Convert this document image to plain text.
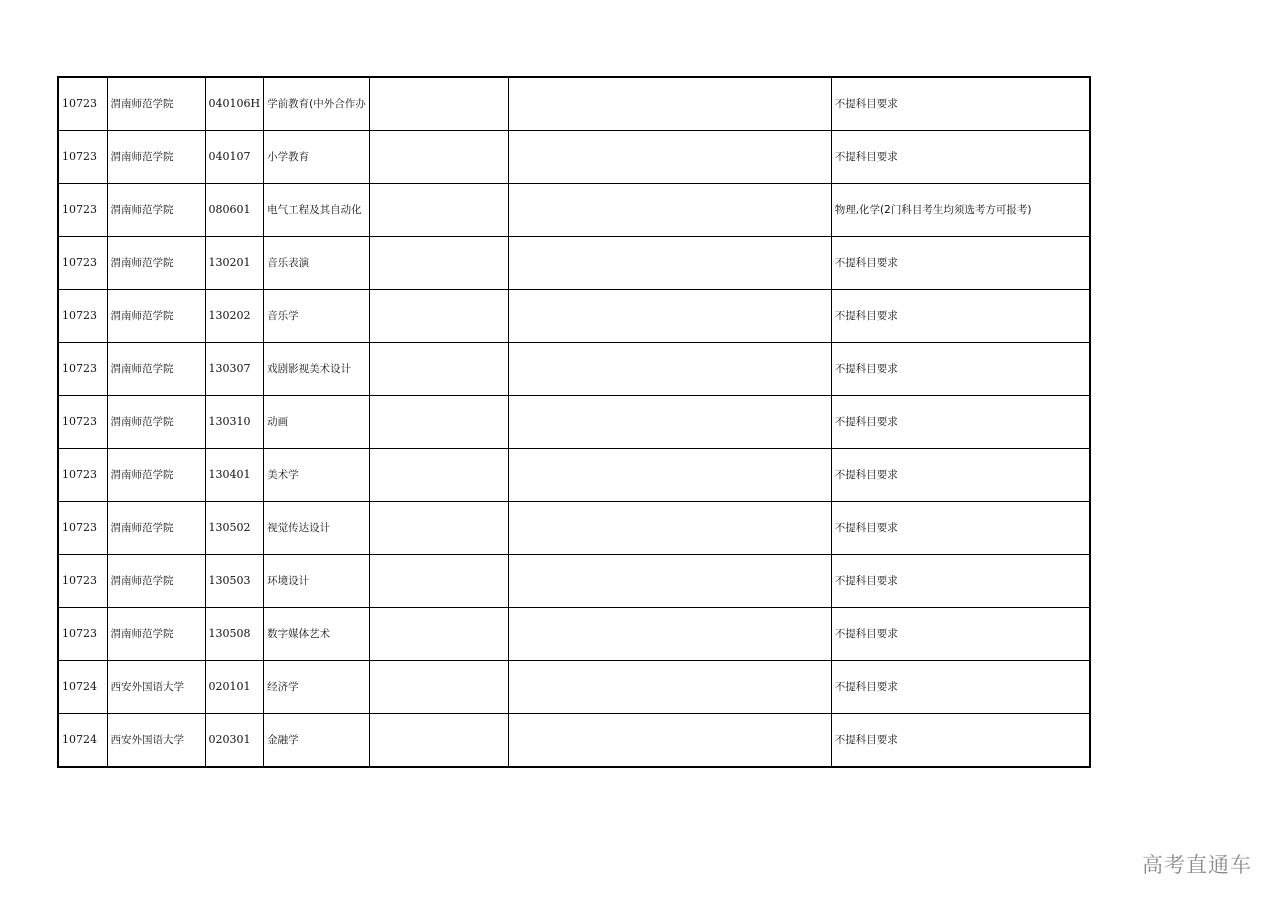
10723	渭南师范学院	040106H	学前教育(中外合作办			不提科目要求
10723	渭南师范学院	040107	小学教育			不提科目要求
10723	渭南师范学院	080601	电气工程及其自动化			物理,化学(2门科目考生均须选考方可报考)
10723	渭南师范学院	130201	音乐表演			不提科目要求
10723	渭南师范学院	130202	音乐学			不提科目要求
10723	渭南师范学院	130307	戏剧影视美术设计			不提科目要求
10723	渭南师范学院	130310	动画			不提科目要求
10723	渭南师范学院	130401	美术学			不提科目要求
10723	渭南师范学院	130502	视觉传达设计			不提科目要求
10723	渭南师范学院	130503	环境设计			不提科目要求
10723	渭南师范学院	130508	数字媒体艺术			不提科目要求
10724	西安外国语大学	020101	经济学			不提科目要求
10724	西安外国语大学	020301	金融学			不提科目要求
高考直通车
